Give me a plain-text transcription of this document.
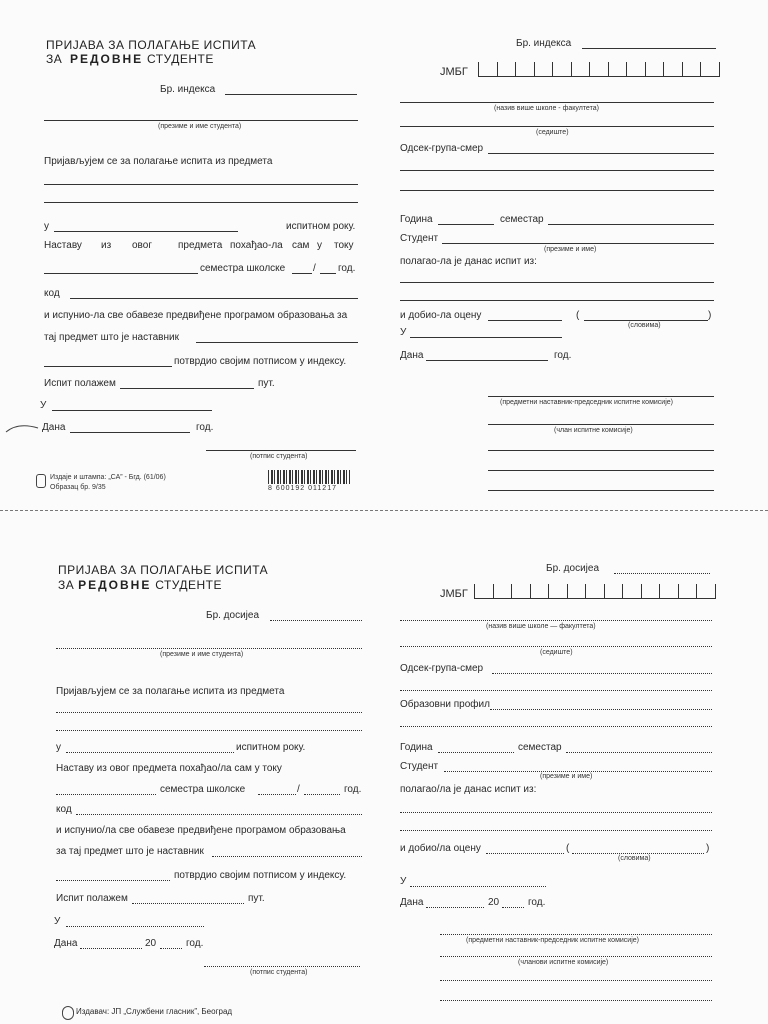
ПРИЈАВА ЗА ПОЛАГАЊЕ ИСПИТА
ЗА РЕДОВНЕ СТУДЕНТЕ
Бр. индекса
(презиме и име студента)
Пријављујем се за полагање испита из предмета
у	испитном року.
Наставу из овог	предмета похађао-ла сам у току
семестра школске	/ год.
код
и испунио-ла све обавезе предвиђене програмом образовања за
тај предмет што је наставник
потврдио својим потписом у индексу.
Испит полажем	пут.
У
Дана	год.
(потпис студента)
Издаје и штампа: „СА” - Бгд. (61/06)
Образац бр. 9/35	8 600192 011217
Бр. индекса
ЈМБГ
(назив више школе - факултета)
(седиште)
Одсек-група-смер
Година	семестар
Студент
(презиме и име)
полагао-ла је данас испит из:
и добио-ла оцену	(	)
(словима)
У
Дана	год.
(предметни наставник-председник испитне комисије)
(члан испитне комисије)
ПРИЈАВА ЗА ПОЛАГАЊЕ ИСПИТА
ЗА РЕДОВНЕ СТУДЕНТЕ
Бр. досијеа
(презиме и име студента)
Пријављујем се за полагање испита из предмета
у	испитном року.
Наставу из овог предмета похађао/ла сам у току
семестра школске	/	год.
код
и испунио/ла све обавезе предвиђене програмом образовања
за тај предмет што је наставник
потврдио својим потписом у индексу.
Испит полажем	пут.
У
Дана	20	год.
(потпис студента)
Издавач: ЈП „Службени гласник”, Београд
Бр. досијеа
ЈМБГ
(назив више школе — факултета)
(седиште)
Одсек-група-смер
Образовни профил
Година	семестар
Студент
(презиме и име)
полагао/ла је данас испит из:
и добио/ла оцену	(	)
(словима)
У
Дана	20	год.
(предметни наставник-председник испитне комисије)
(чланови испитне комисије)
